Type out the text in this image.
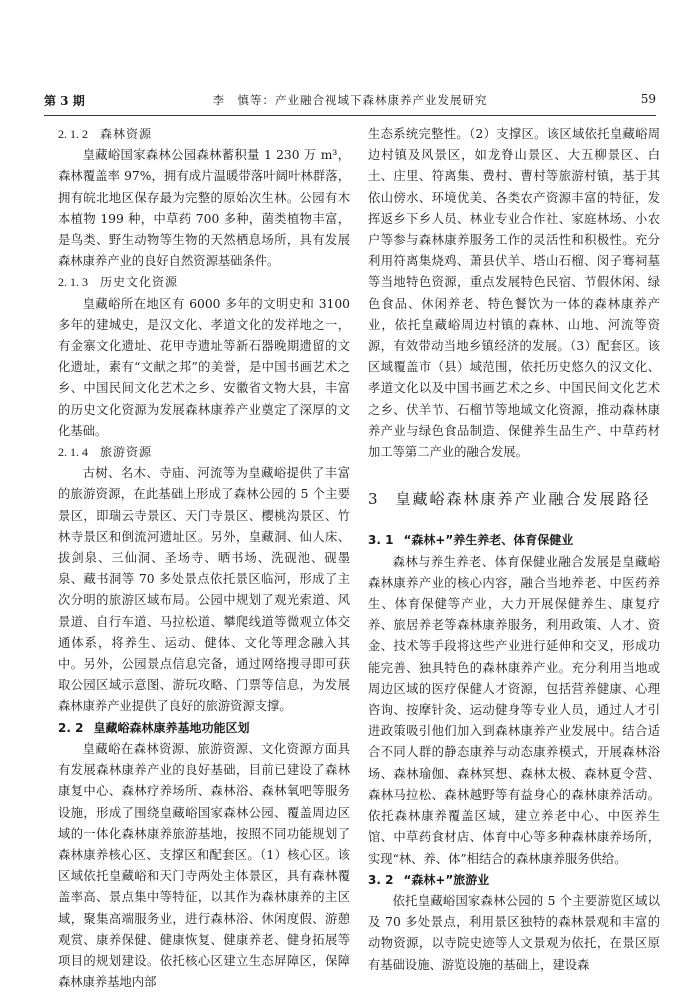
第 3 期	李　慎等：产业融合视域下森林康养产业发展研究	59
2. 1. 2 森林资源

皇藏峪国家森林公园森林蓄积量 1 230 万 m³，森林覆盖率 97%，拥有成片温暖带落叶阔叶林群落，拥有皖北地区保存最为完整的原始次生林。公园有木本植物 199 种，中草药 700 多种，菌类植物丰富，是鸟类、野生动物等生物的天然栖息场所，具有发展森林康养产业的良好自然资源基础条件。

2. 1. 3 历史文化资源

皇藏峪所在地区有 6000 多年的文明史和 3100 多年的建城史，是汉文化、孝道文化的发祥地之一，有金寨文化遗址、花甲寺遗址等新石器晚期遗留的文化遗址，素有“文献之邦”的美誉，是中国书画艺术之乡、中国民间文化艺术之乡、安徽省文物大县，丰富的历史文化资源为发展森林康养产业奠定了深厚的文化基础。

2. 1. 4 旅游资源

古树、名木、寺庙、河流等为皇藏峪提供了丰富的旅游资源，在此基础上形成了森林公园的 5 个主要景区，即瑞云寺景区、天门寺景区、樱桃沟景区、竹林寺景区和倒流河遗址区。另外，皇藏洞、仙人床、拔剑泉、三仙洞、圣场寺、晒书场、洗砚池、砚墨泉、藏书洞等 70 多处景点依托景区临河，形成了主次分明的旅游区域布局。公园中规划了观光索道、风景道、自行车道、马拉松道、攀爬线道等微观立体交通体系，将养生、运动、健体、文化等理念融入其中。另外，公园景点信息完备，通过网络搜寻即可获取公园区域示意图、游玩攻略、门票等信息，为发展森林康养产业提供了良好的旅游资源支撑。

2. 2 皇藏峪森林康养基地功能区划

皇藏峪在森林资源、旅游资源、文化资源方面具有发展森林康养产业的良好基础，目前已建设了森林康复中心、森林疗养场所、森林浴、森林氧吧等服务设施，形成了围绕皇藏峪国家森林公园、覆盖周边区域的一体化森林康养旅游基地，按照不同功能规划了森林康养核心区、支撑区和配套区。（1）核心区。该区域依托皇藏峪和天门寺两处主体景区，具有森林覆盖率高、景点集中等特征，以其作为森林康养的主区域，聚集高端服务业，进行森林浴、休闲度假、游憩观赏、康养保健、健康恢复、健康养老、健身拓展等项目的规划建设。依托核心区建立生态屏障区，保障森林康养基地内部

生态系统完整性。（2）支撑区。该区域依托皇藏峪周边村镇及风景区，如龙脊山景区、大五柳景区、白土、庄里、符离集、费村、曹村等旅游村镇，基于其依山傍水、环境优美、各类农产资源丰富的特征，发挥返乡下乡人员、林业专业合作社、家庭林场、小农户等参与森林康养服务工作的灵活性和积极性。充分利用符离集烧鸡、萧县伏羊、塔山石榴、闵子骞祠墓等当地特色资源，重点发展特色民宿、节假休闲、绿色食品、休闲养老、特色餐饮为一体的森林康养产业，依托皇藏峪周边村镇的森林、山地、河流等资源，有效带动当地乡镇经济的发展。（3）配套区。该区域覆盖市（县）域范围，依托历史悠久的汉文化、孝道文化以及中国书画艺术之乡、中国民间文化艺术之乡、伏羊节、石榴节等地域文化资源，推动森林康养产业与绿色食品制造、保健养生品生产、中草药材加工等第二产业的融合发展。

3 皇藏峪森林康养产业融合发展路径
3. 1 “森林+”养生养老、体育保健业

森林与养生养老、体育保健业融合发展是皇藏峪森林康养产业的核心内容，融合当地养老、中医药养生、体育保健等产业，大力开展保健养生、康复疗养、旅居养老等森林康养服务，利用政策、人才、资金、技术等手段将这些产业进行延伸和交叉，形成功能完善、独具特色的森林康养产业。充分利用当地或周边区域的医疗保健人才资源，包括营养健康、心理咨询、按摩针灸、运动健身等专业人员，通过人才引进政策吸引他们加入到森林康养产业发展中。结合适合不同人群的静态康养与动态康养模式，开展森林浴场、森林瑜伽、森林冥想、森林太极、森林夏令营、森林马拉松、森林越野等有益身心的森林康养活动。依托森林康养覆盖区域，建立养老中心、中医养生馆、中草药食材店、体育中心等多种森林康养场所，实现“林、养、体”相结合的森林康养服务供给。

3. 2 “森林+”旅游业

依托皇藏峪国家森林公园的 5 个主要游览区域以及 70 多处景点，利用景区独特的森林景观和丰富的动物资源，以寺院史迹等人文景观为依托，在景区原有基础设施、游览设施的基础上，建设森
